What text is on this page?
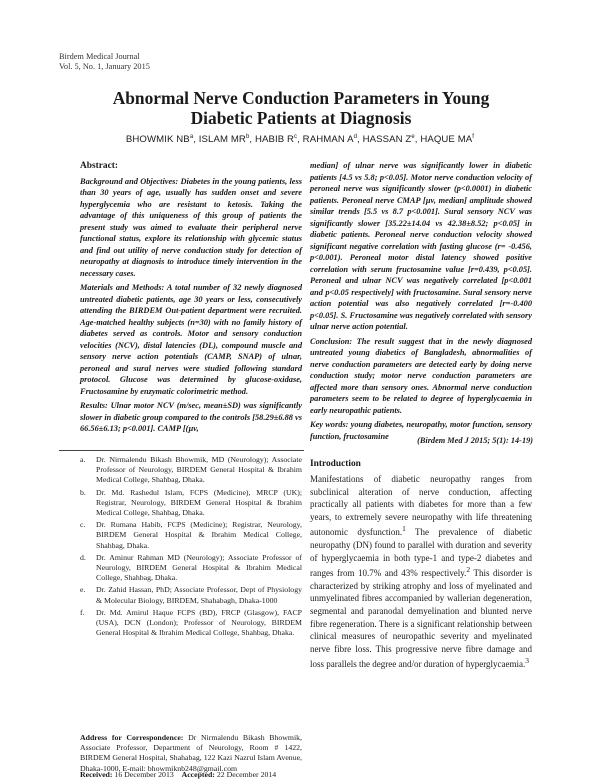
Birdem Medical Journal
Vol. 5, No. 1, January 2015
Abnormal Nerve Conduction Parameters in Young
Diabetic Patients at Diagnosis
BHOWMIK $NB^a$, ISLAM $MR^b$, HABIB $R^c$, RAHMAN $A^d$, HASSAN $Z^e$, HAQUE $MA^f$

Abstract:

Background and Objectives: Diabetes in the young patients, less than 30 years of age, usually has sudden onset and severe hyperglycemia who are resistant to ketosis. Taking the advantage of this uniqueness of this group of patients the present study was aimed to evaluate their peripheral nerve functional status, explore its relationship with glycemic status and find out utility of nerve conduction study for detection of neuropathy at diagnosis to introduce timely intervention in the necessary cases.

Materials and Methods: A total number of 32 newly diagnosed untreated diabetic patients, age 30 years or less, consecutively attending the BIRDEM Out-patient department were recruited. Age-matched healthy subjects (n=30) with no family history of diabetes served as controls. Motor and sensory conduction velocities (NCV), distal latencies (DL), compound muscle and sensory nerve action potentials (CAMP, SNAP) of ulnar, peroneal and sural nerves were studied following standard protocol. Glucose was determined by glucose-oxidase, Fructosamine by enzymatic colorimetric method.

Results: Ulnar motor NCV (m/sec, mean±SD) was significantly slower in diabetic group compared to the controls [58.29±6.88 vs 66.56±6.13; p<0.001]. CAMP [(µv,

median] of ulnar nerve was significantly lower in diabetic patients [4.5 vs 5.8; p<0.05]. Motor nerve conduction velocity of peroneal nerve was significantly slower (p<0.0001) in diabetic patients. Peroneal nerve CMAP [µv, median] amplitude showed similar trends [5.5 vs 8.7 p<0.001]. Sural sensory NCV was significantly slower [35.22±14.04 vs 42.38±8.52; p<0.05] in diabetic patients. Peroneal nerve conduction velocity showed significant negative correlation with fasting glucose (r= -0.456, p<0.001). Peroneal motor distal latency showed positive correlation with serum fructosamine value [r=0.439, p<0.05]. Peroneal and ulnar NCV was negatively correlated [p<0.001 and p<0.05 respectively] with fructosamine. Sural sensory nerve action potential was also negatively correlated [r=-0.400 p<0.05]. S. Fructosamine was negatively correlated with sensory ulnar nerve action potential.

Conclusion: The result suggest that in the newly diagnosed untreated young diabetics of Bangladesh, abnormalities of nerve conduction parameters are detected early by doing nerve conduction study; motor nerve conduction parameters are affected more than sensory ones. Abnormal nerve conduction parameters seem to be related to degree of hyperglycaemia in early neuropathic patients.

Key words: young diabetes, neuropathy, motor function, sensory function, fructosamine	(Birdem Med J 2015; 5(1): 14-19)
a.	Dr. Nirmalendu Bikash Bhowmik, MD (Neurology); Associate Professor of Neurology, BIRDEM General Hospital & Ibrahim Medical College, Shahbag, Dhaka.
b.	Dr. Md. Rashedul Islam, FCPS (Medicine), MRCP (UK); Registrar, Neurology, BIRDEM General Hospital & Ibrahim Medical College, Shahbag, Dhaka.
c.	Dr. Rumana Habib, FCPS (Medicine); Registrar, Neurology, BIRDEM General Hospital & Ibrahim Medical College, Shahbag, Dhaka.
d.	Dr. Aminur Rahman MD (Neurology); Associate Professor of Neurology, BIRDEM General Hospital & Ibrahim Medical College, Shahbag, Dhaka.
e.	Dr. Zahid Hassan, PhD; Associate Professor, Dept of Physiology & Molecular Biology, BIRDEM, Shahabagh, Dhaka-1000
f.	Dr. Md. Amirul Haque FCPS (BD), FRCP (Glasgow), FACP (USA), DCN (London); Professor of Neurology, BIRDEM General Hospital & Ibrahim Medical College, Shahbag, Dhaka.
Address for Correspondence: Dr Nirmalendu Bikash Bhowmik, Associate Professor, Department of Neurology, Room # 1422, BIRDEM General Hospital, Shahabag, 122 Kazi Nazrul Islam Avenue, Dhaka-1000, E-mail: bhowmiknb248@gmail.com
Received: 16 December 2013 Accepted: 22 December 2014
Introduction
Manifestations of diabetic neuropathy ranges from subclinical alteration of nerve conduction, affecting practically all patients with diabetes for more than a few years, to extremely severe neuropathy with life threatening autonomic dysfunction.$^1$ The prevalence of diabetic neuropathy (DN) found to parallel with duration and severity of hyperglycaemia in both type-1 and type-2 diabetes and ranges from 10.7% and 43% respectively.$^2$ This disorder is characterized by striking atrophy and loss of myelinated and unmyelinated fibres accompanied by wallerian degeneration, segmental and paranodal demyelination and blunted nerve fibre regeneration. There is a significant relationship between clinical measures of neuropathic severity and myelinated nerve fibre loss. This progressive nerve fibre damage and loss parallels the degree and/or duration of hyperglycaemia.$^3$
